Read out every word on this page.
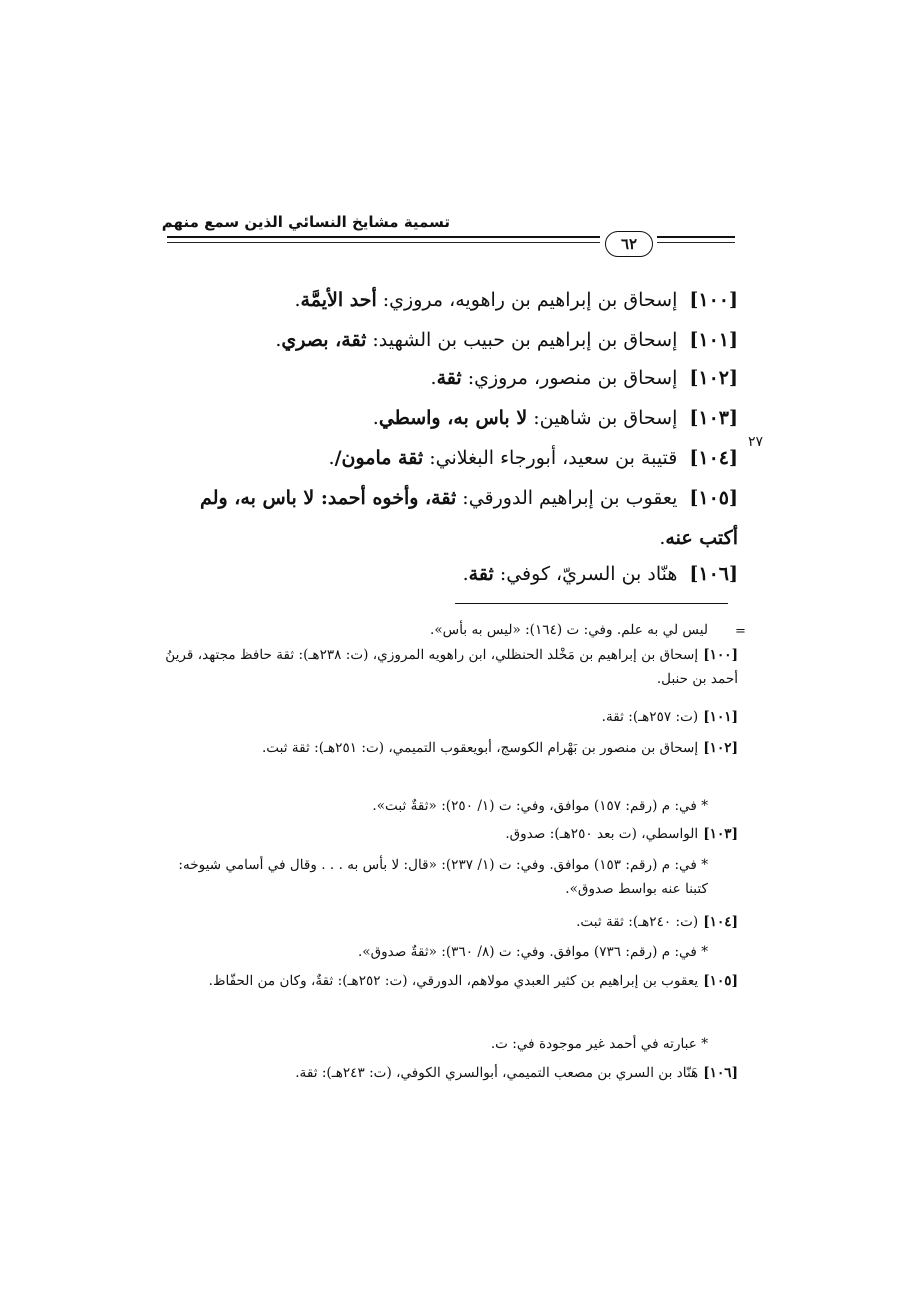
تسمية مشايخ النسائي الذين سمع منهم
٦٢
[١٠٠]إسحاق بن إبراهيم بن راهويه، مروزي: أحد الأيمَّة.
[١٠١]إسحاق بن إبراهيم بن حبيب بن الشهيد: ثقة، بصري.
[١٠٢]إسحاق بن منصور، مروزي: ثقة.
[١٠٣]إسحاق بن شاهين: لا باس به، واسطي.
[١٠٤]قتيبة بن سعيد، أبورجاء البغلاني: ثقة مامون/.
٢٧
[١٠٥]يعقوب بن إبراهيم الدورقي: ثقة، وأخوه أحمد: لا باس به، ولم أكتب عنه.
[١٠٦]هنّاد بن السريّ، كوفي: ثقة.
=
ليس لي به علم. وفي: ت (١٦٤): «ليس به بأس».
[١٠٠]إسحاق بن إبراهيم بن مَخْلد الحنظلي، ابن راهويه المروزي، (ت: ٢٣٨هـ): ثقة حافظ مجتهد، قرينُ أحمد بن حنبل.
[١٠١](ت: ٢٥٧هـ): ثقة.
[١٠٢]إسحاق بن منصور بن بَهْرام الكوسج، أبويعقوب التميمي، (ت: ٢٥١هـ): ثقة ثبت.
* في: م (رقم: ١٥٧) موافق، وفي: ت (١/ ٢٥٠): «ثقةٌ ثبت».
[١٠٣]الواسطي، (ت بعد ٢٥٠هـ): صدوق.
* في: م (رقم: ١٥٣) موافق. وفي: ت (١/ ٢٣٧): «قال: لا بأس به . . . وقال في أسامي شيوخه: كتبنا عنه بواسط صدوق».
[١٠٤](ت: ٢٤٠هـ): ثقة ثبت.
* في: م (رقم: ٧٣٦) موافق. وفي: ت (٨/ ٣٦٠): «ثقةٌ صدوق».
[١٠٥]يعقوب بن إبراهيم بن كثير العبدي مولاهم، الدورقي، (ت: ٢٥٢هـ): ثقةٌ، وكان من الحفّاظ.
* عبارته في أحمد غير موجودة في: ت.
[١٠٦]هَنّاد بن السري بن مصعب التميمي، أبوالسري الكوفي، (ت: ٢٤٣هـ): ثقة.
